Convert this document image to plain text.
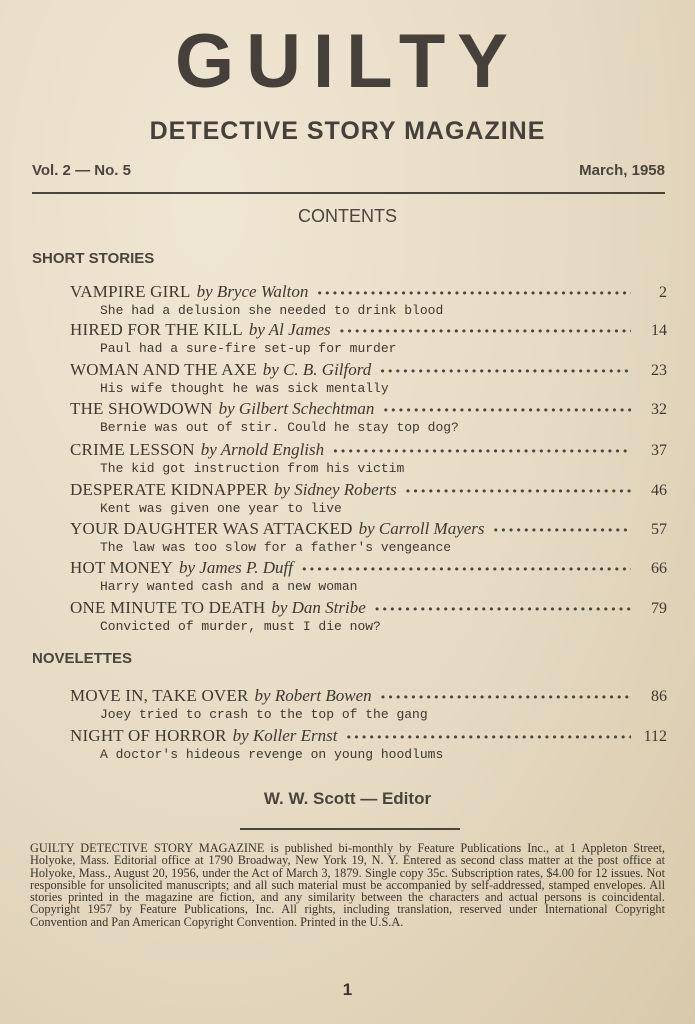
GUILTY
DETECTIVE STORY MAGAZINE
Vol. 2 — No. 5	March, 1958
CONTENTS
SHORT STORIES
VAMPIRE GIRL by Bryce Walton •••••	2
She had a delusion she needed to drink blood
HIRED FOR THE KILL by Al James •••••	14
Paul had a sure-fire set-up for murder
WOMAN AND THE AXE by C. B. Gilford •••••	23
His wife thought he was sick mentally
THE SHOWDOWN by Gilbert Schechtman •••••	32
Bernie was out of stir. Could he stay top dog?
CRIME LESSON by Arnold English •••••	37
The kid got instruction from his victim
DESPERATE KIDNAPPER by Sidney Roberts •••••	46
Kent was given one year to live
YOUR DAUGHTER WAS ATTACKED by Carroll Mayers •••••	57
The law was too slow for a father's vengeance
HOT MONEY by James P. Duff •••••	66
Harry wanted cash and a new woman
ONE MINUTE TO DEATH by Dan Stribe •••••	79
Convicted of murder, must I die now?
NOVELETTES
MOVE IN, TAKE OVER by Robert Bowen •••••	86
Joey tried to crash to the top of the gang
NIGHT OF HORROR by Koller Ernst •••••	112
A doctor's hideous revenge on young hoodlums
W. W. Scott — Editor
GUILTY DETECTIVE STORY MAGAZINE is published bi-monthly by Feature Publications Inc., at 1 Appleton Street, Holyoke, Mass. Editorial office at 1790 Broadway, New York 19, N. Y. Entered as second class matter at the post office at Holyoke, Mass., August 20, 1956, under the Act of March 3, 1879. Single copy 35c. Subscription rates, $4.00 for 12 issues. Not responsible for unsolicited manuscripts; and all such material must be accompanied by self-addressed, stamped envelopes. All stories printed in the magazine are fiction, and any similarity between the characters and actual persons is coincidental. Copyright 1957 by Feature Publications, Inc. All rights, including translation, reserved under International Copyright Convention and Pan American Copyright Convention. Printed in the U.S.A.
1
